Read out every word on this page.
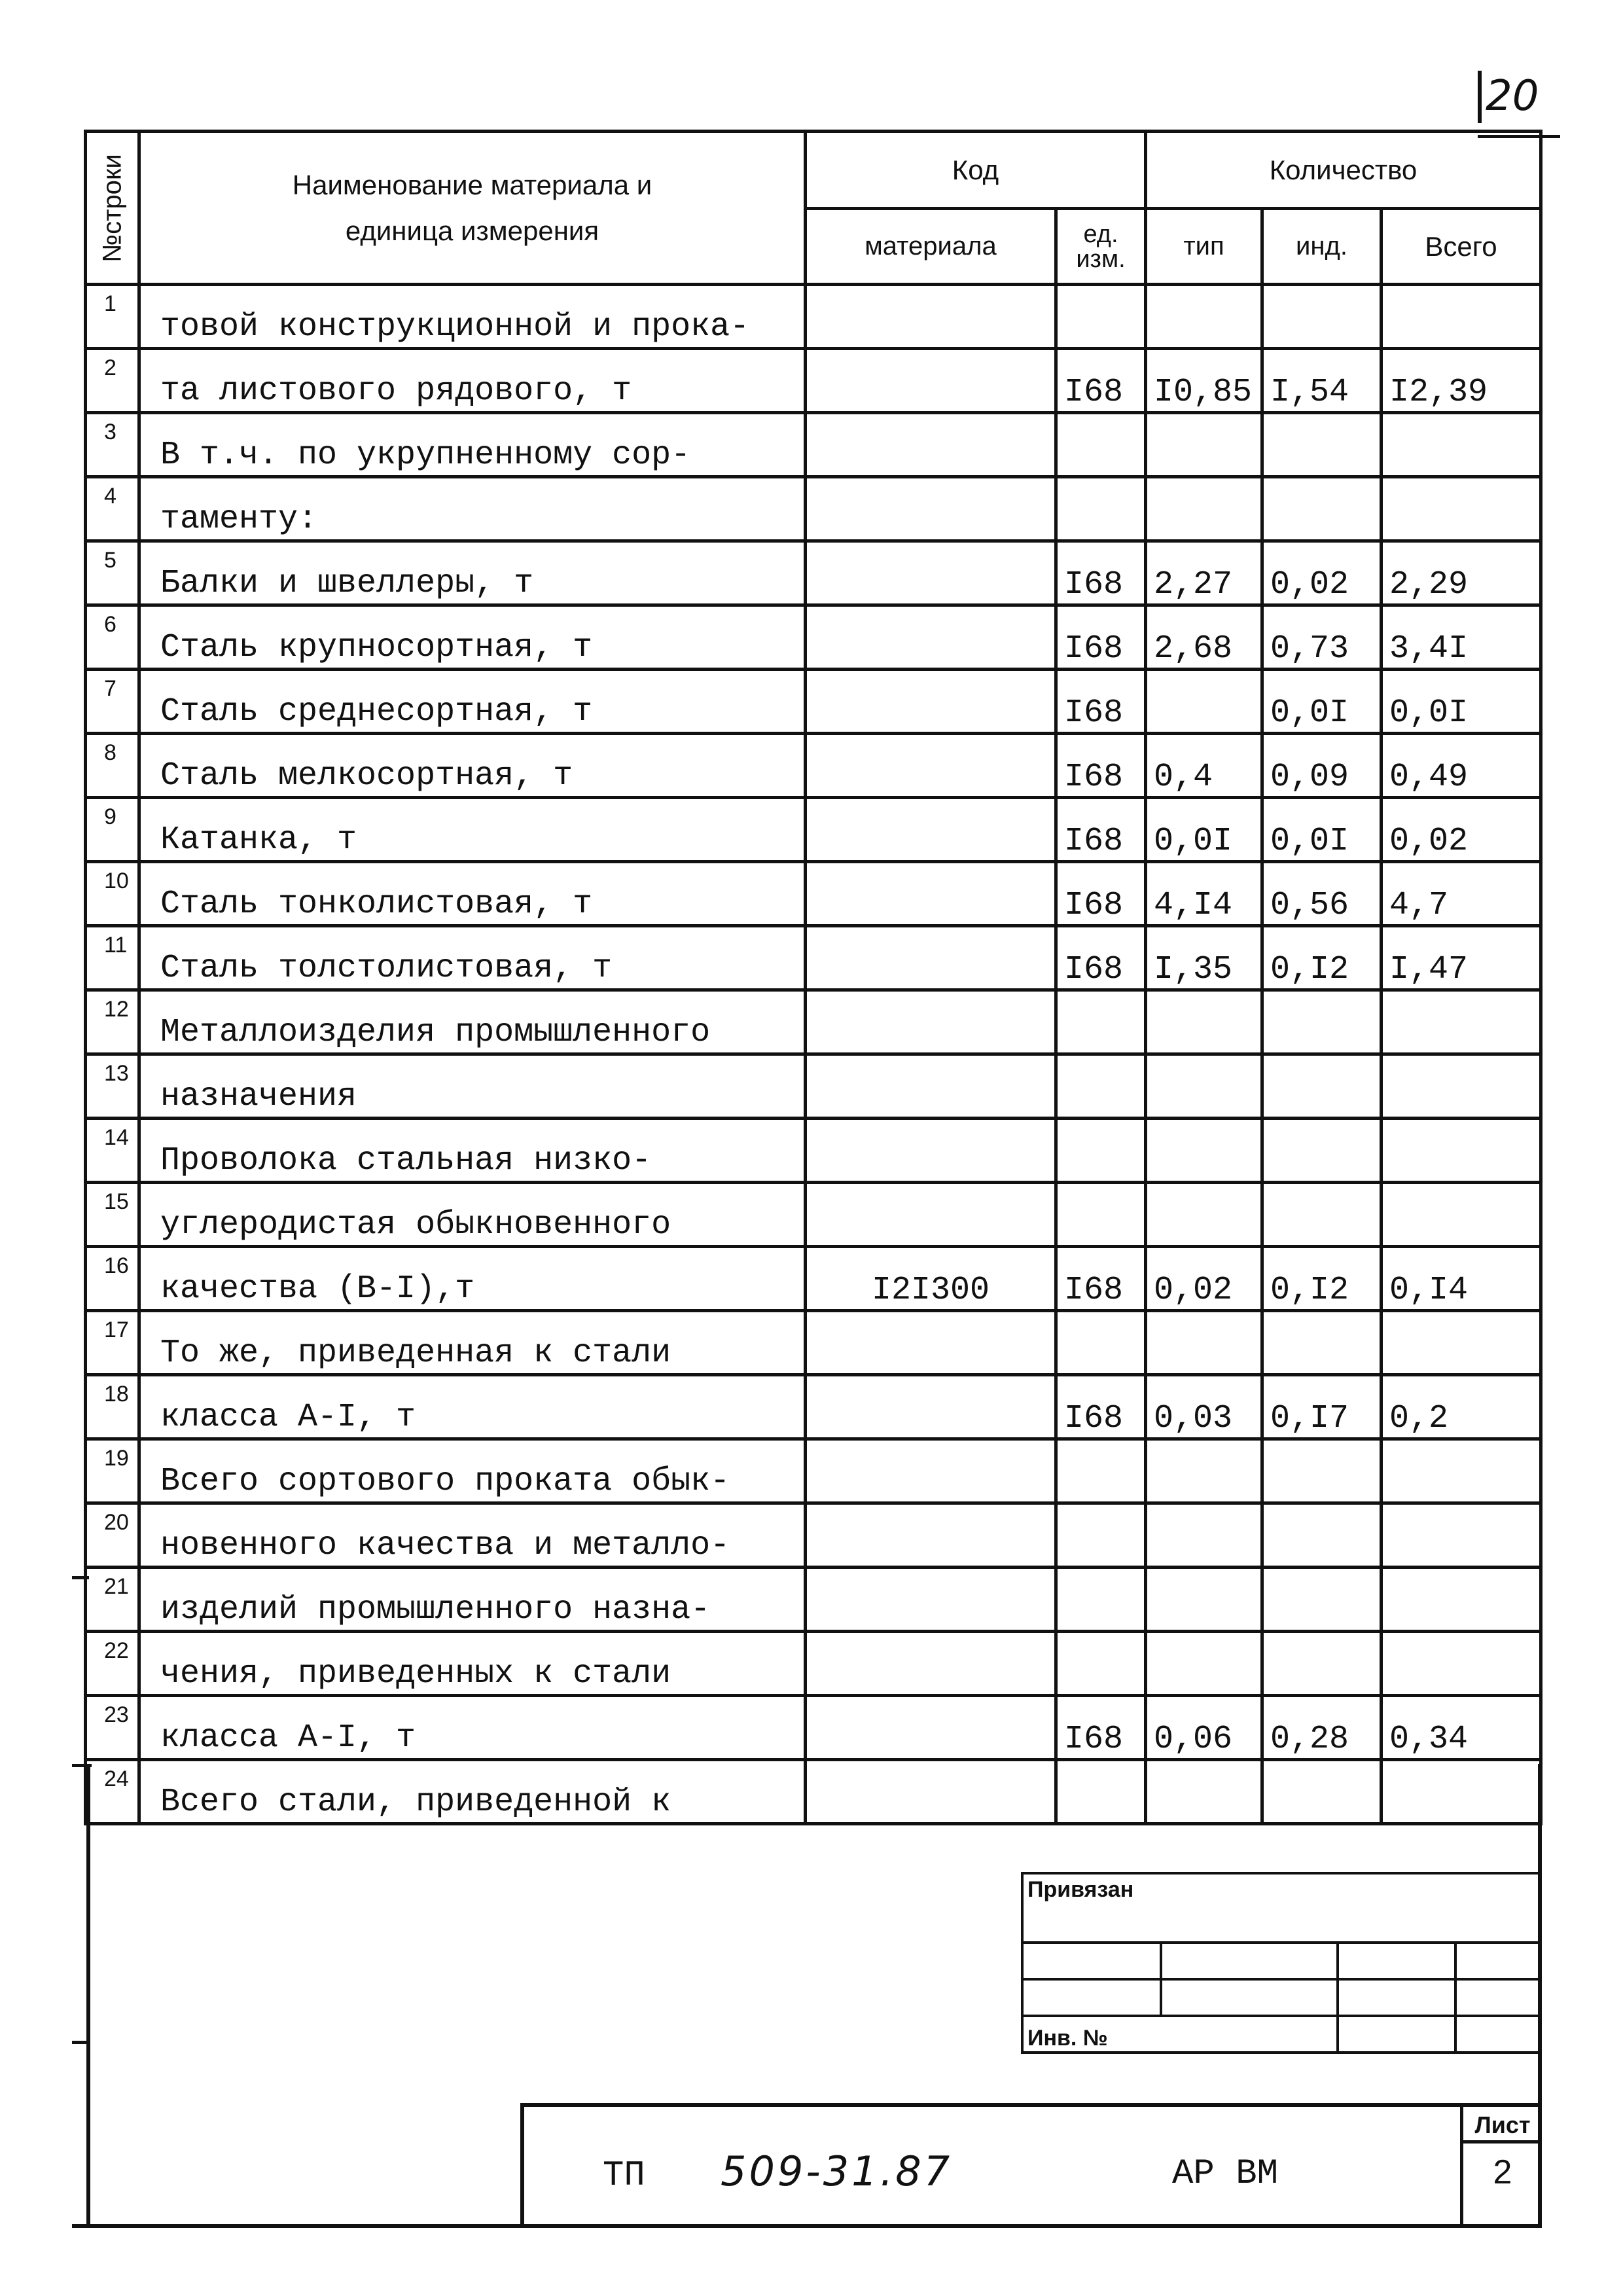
20
№строки	Наименование материала и единица измерения	Код		Количество		
		материала	ед. изм.	тип	инд.	Всего
1	товой конструкционной и прока-					
2	та листового рядового, т		I68	I0,85	I,54	I2,39
3	В т.ч. по укрупненному сор-					
4	таменту:					
5	Балки и швеллеры, т		I68	2,27	0,02	2,29
6	Сталь крупносортная, т		I68	2,68	0,73	3,4I
7	Сталь среднесортная, т		I68		0,0I	0,0I
8	Сталь мелкосортная, т		I68	0,4	0,09	0,49
9	Катанка, т		I68	0,0I	0,0I	0,02
10	Сталь тонколистовая, т		I68	4,I4	0,56	4,7
11	Сталь толстолистовая, т		I68	I,35	0,I2	I,47
12	Металлоизделия промышленного					
13	назначения					
14	Проволока стальная низко-					
15	углеродистая обыкновенного					
16	качества (В-I),т	I2I300	I68	0,02	0,I2	0,I4
17	То же, приведенная к стали					
18	класса А-I, т		I68	0,03	0,I7	0,2
19	Всего сортового проката обык-					
20	новенного качества и металло-					
21	изделий промышленного назна-					
22	чения, приведенных к стали					
23	класса А-I, т		I68	0,06	0,28	0,34
24	Всего стали, приведенной к					
Привязан			

Инв. №			
ТП 509-31.87	АР ВМ
Лист
2
